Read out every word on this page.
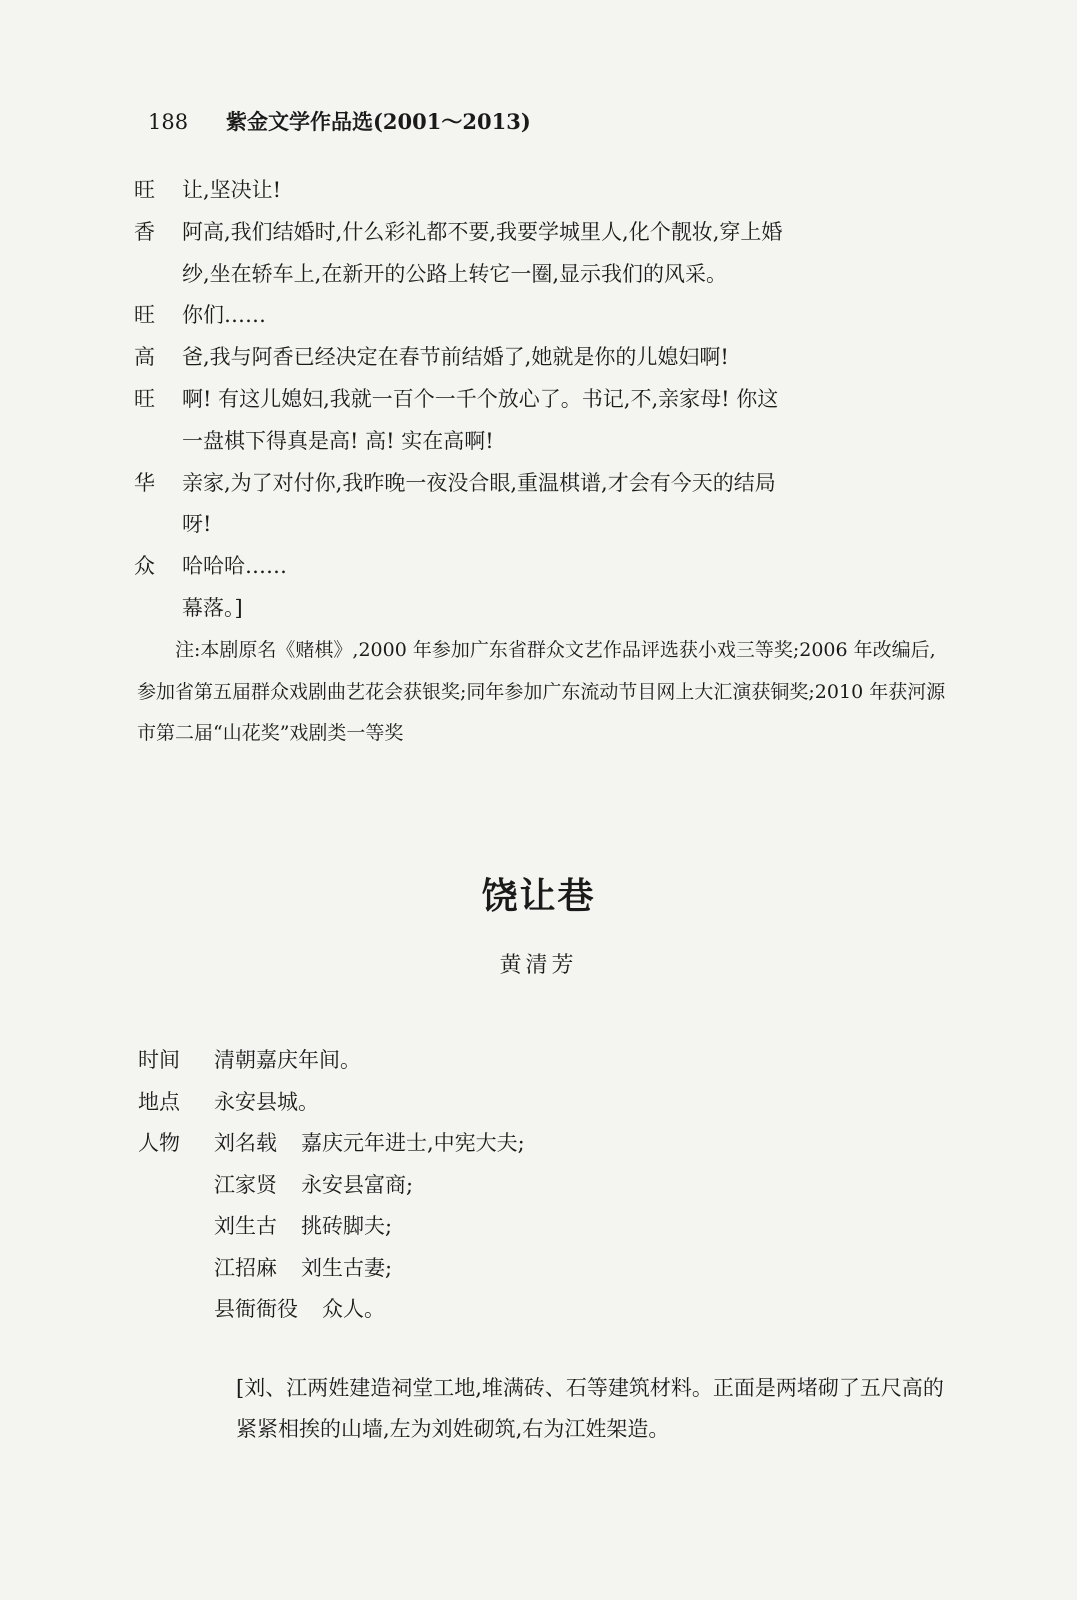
188 紫金文学作品选(2001～2013)
旺	让,坚决让!
香	阿高,我们结婚时,什么彩礼都不要,我要学城里人,化个靓妆,穿上婚
纱,坐在轿车上,在新开的公路上转它一圈,显示我们的风采。
旺	你们……
高	爸,我与阿香已经决定在春节前结婚了,她就是你的儿媳妇啊!
旺	啊! 有这儿媳妇,我就一百个一千个放心了。书记,不,亲家母! 你这
一盘棋下得真是高! 高! 实在高啊!
华	亲家,为了对付你,我昨晚一夜没合眼,重温棋谱,才会有今天的结局
呀!
众	哈哈哈……
幕落。]
注:本剧原名《赌棋》,2000 年参加广东省群众文艺作品评选获小戏三等奖;2006 年改编后,参加省第五届群众戏剧曲艺花会获银奖;同年参加广东流动节目网上大汇演获铜奖;2010 年获河源市第二届“山花奖”戏剧类一等奖
饶让巷
黄清芳
时间	清朝嘉庆年间。
地点	永安县城。
人物	刘名载 嘉庆元年进士,中宪大夫;
江家贤 永安县富商;
刘生古 挑砖脚夫;
江招麻 刘生古妻;
县衙衙役 众人。
[刘、江两姓建造祠堂工地,堆满砖、石等建筑材料。正面是两堵砌了五尺高的紧紧相挨的山墙,左为刘姓砌筑,右为江姓架造。
